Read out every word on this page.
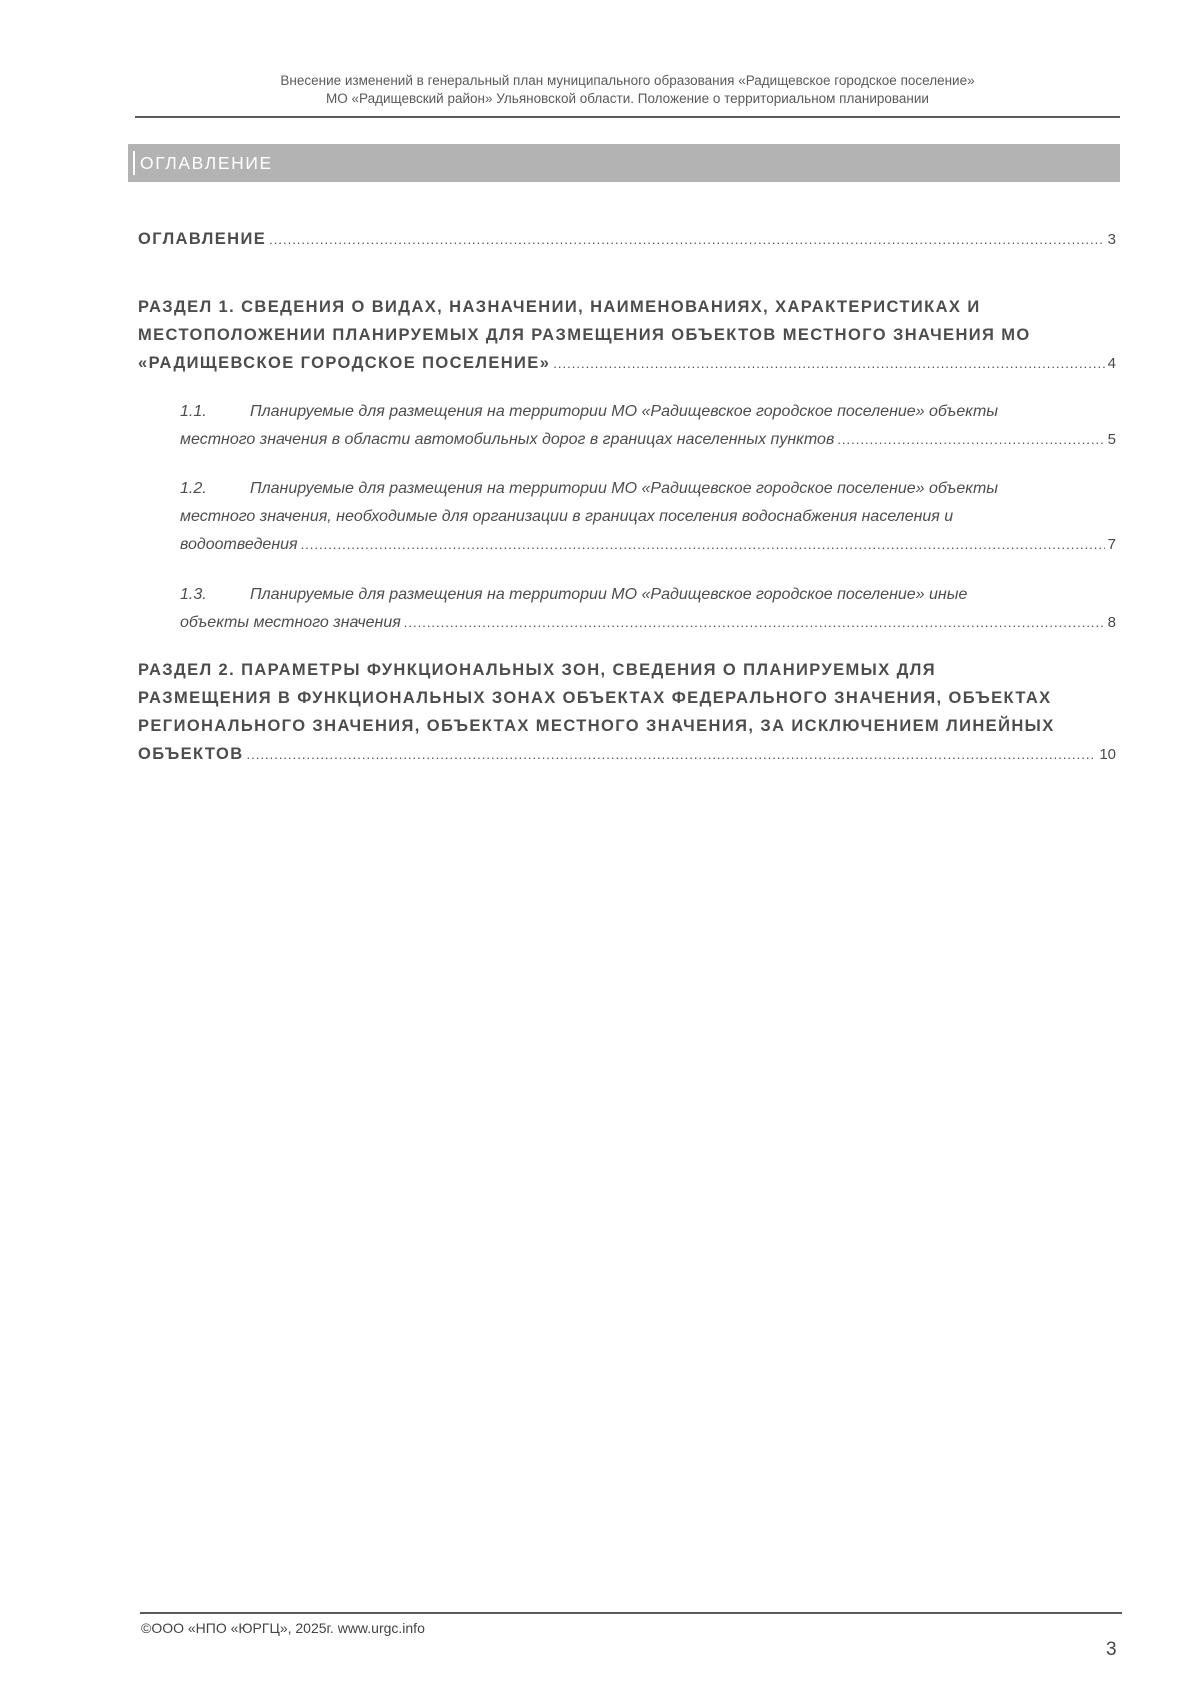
Внесение изменений в генеральный план муниципального образования «Радищевское городское поселение»
МО «Радищевский район» Ульяновской области. Положение о территориальном планировании
ОГЛАВЛЕНИЕ
ОГЛАВЛЕНИЕ .....	3
РАЗДЕЛ 1. СВЕДЕНИЯ О ВИДАХ, НАЗНАЧЕНИИ, НАИМЕНОВАНИЯХ, ХАРАКТЕРИСТИКАХ И
МЕСТОПОЛОЖЕНИИ ПЛАНИРУЕМЫХ ДЛЯ РАЗМЕЩЕНИЯ ОБЪЕКТОВ МЕСТНОГО ЗНАЧЕНИЯ МО
«РАДИЩЕВСКОЕ ГОРОДСКОЕ ПОСЕЛЕНИЕ» .....	4
1.1.	Планируемые для размещения на территории МО «Радищевское городское поселение» объекты
местного значения в области автомобильных дорог в границах населенных пунктов .....	5
1.2.	Планируемые для размещения на территории МО «Радищевское городское поселение» объекты
местного значения, необходимые для организации в границах поселения водоснабжения населения и
водоотведения .....	7
1.3.	Планируемые для размещения на территории МО «Радищевское городское поселение» иные
объекты местного значения .....	8
РАЗДЕЛ 2. ПАРАМЕТРЫ ФУНКЦИОНАЛЬНЫХ ЗОН, СВЕДЕНИЯ О ПЛАНИРУЕМЫХ ДЛЯ
РАЗМЕЩЕНИЯ В ФУНКЦИОНАЛЬНЫХ ЗОНАХ ОБЪЕКТАХ ФЕДЕРАЛЬНОГО ЗНАЧЕНИЯ, ОБЪЕКТАХ
РЕГИОНАЛЬНОГО ЗНАЧЕНИЯ, ОБЪЕКТАХ МЕСТНОГО ЗНАЧЕНИЯ, ЗА ИСКЛЮЧЕНИЕМ ЛИНЕЙНЫХ
ОБЪЕКТОВ .....	10
©ООО «НПО «ЮРГЦ», 2025г. www.urgc.info
3
